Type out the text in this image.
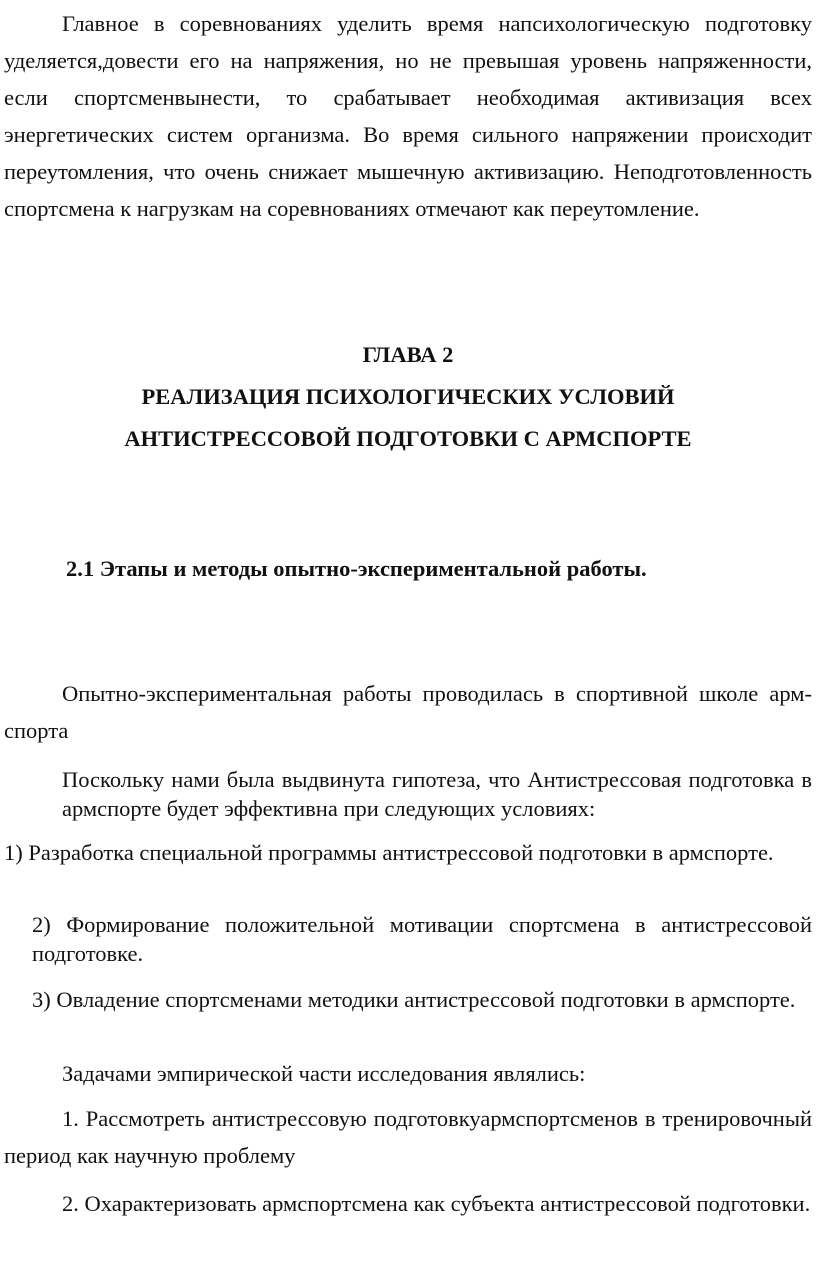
Главное в соревнованиях уделить время напсихологическую подготовку уделяется,довести его на напряжения, но не превышая уровень напряженности, если спортсменвынести, то срабатывает необходимая активизация всех энергетических систем организма. Во время сильного напряжении происходит переутомления, что очень снижает мышечную активизацию. Неподготовленность спортсмена к нагрузкам на соревнованиях отмечают как переутомление.

ГЛАВА 2
РЕАЛИЗАЦИЯ ПСИХОЛОГИЧЕСКИХ УСЛОВИЙ
АНТИСТРЕССОВОЙ ПОДГОТОВКИ С АРМСПОРТЕ
2.1 Этапы и методы опытно-экспериментальной работы.

Опытно-экспериментальная работы проводилась в спортивной школе арм-спорта

Поскольку нами была выдвинута гипотеза, что Антистрессовая подготовка в армспорте будет эффективна при следующих условиях:

1) Разработка специальной программы антистрессовой подготовки в армспорте.

2) Формирование положительной мотивации спортсмена в антистрессовой подготовке.

3) Овладение спортсменами методики антистрессовой подготовки в армспорте.

Задачами эмпирической части исследования являлись:

1. Рассмотреть антистрессовую подготовкуармспортсменов в тренировочный период как научную проблему

2. Охарактеризовать армспортсмена как субъекта антистрессовой подготовки.
